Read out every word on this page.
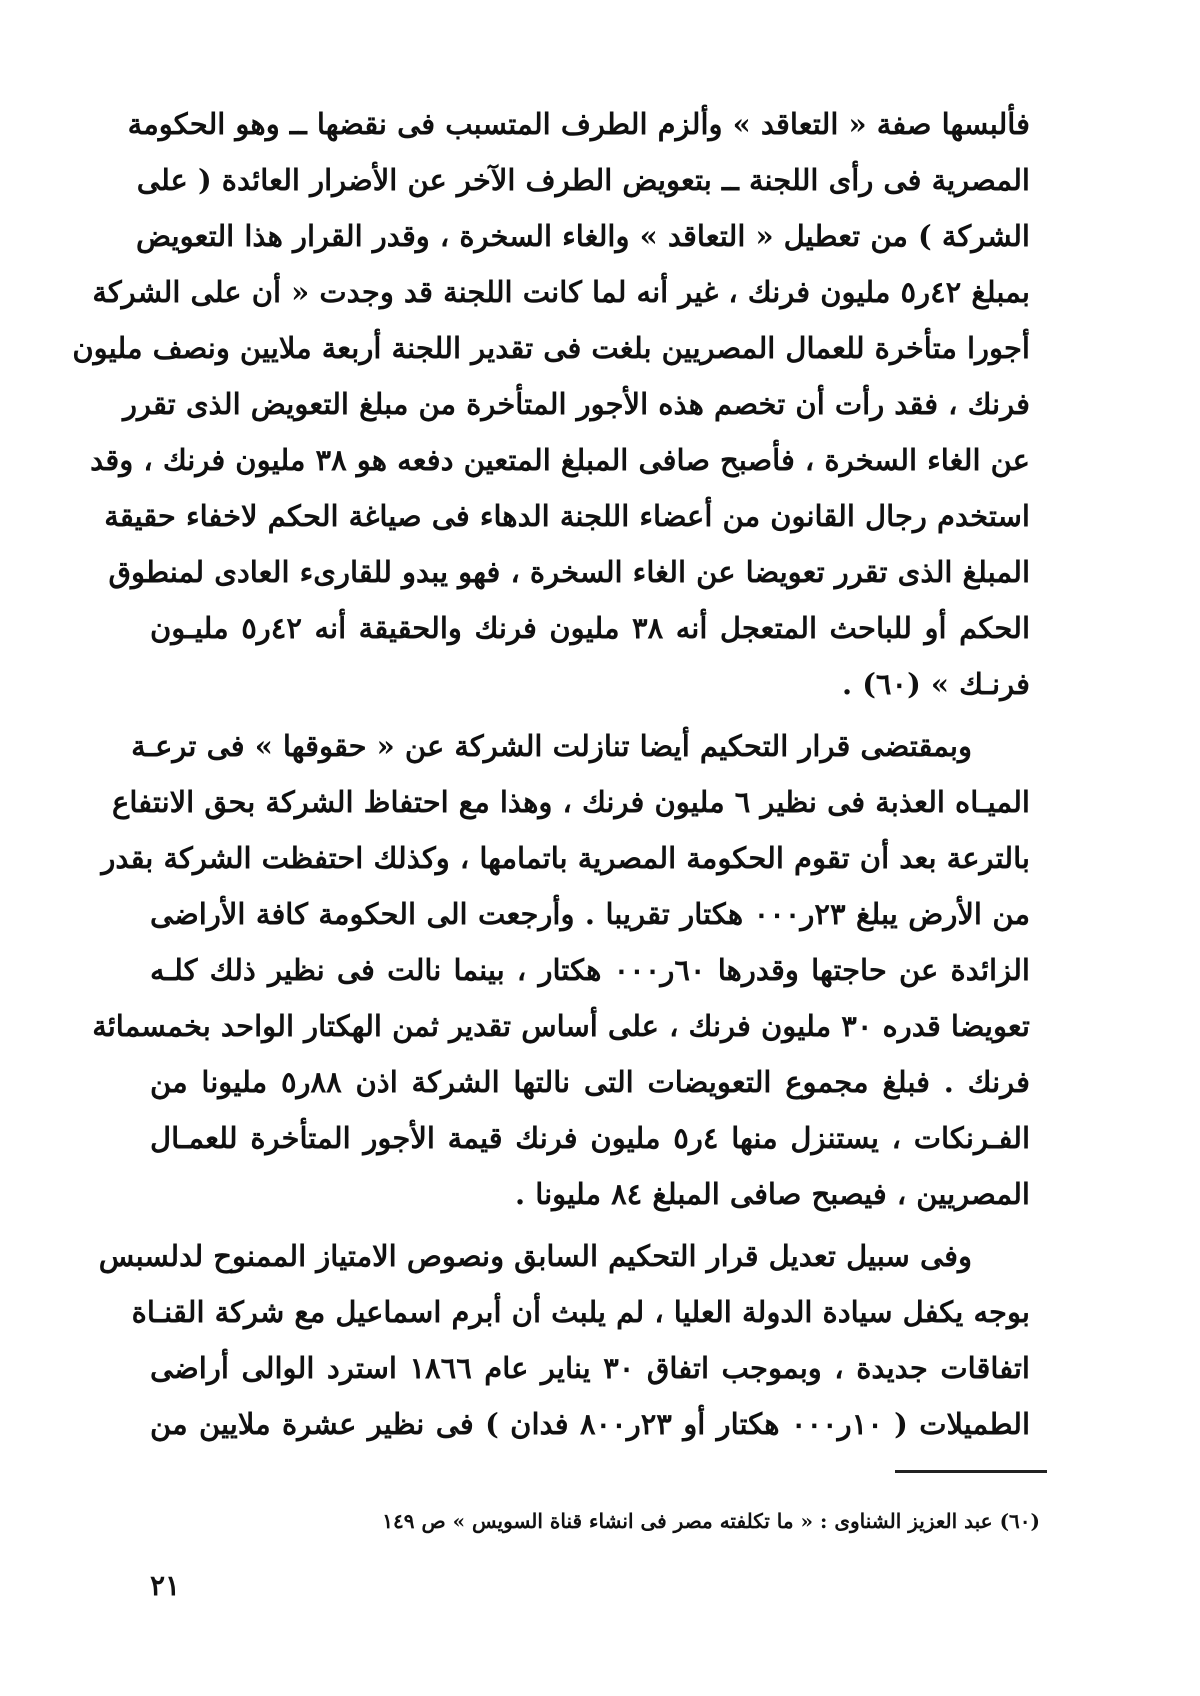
فألبسها صفة « التعاقد » وألزم الطرف المتسبب فى نقضها ــ وهو الحكومة
المصرية فى رأى اللجنة ــ بتعويض الطرف الآخر عن الأضرار العائدة ( على
الشركة ) من تعطيل « التعاقد » والغاء السخرة ، وقدر القرار هذا التعويض
بمبلغ ٤٢ر٥ مليون فرنك ، غير أنه لما كانت اللجنة قد وجدت « أن على الشركة
أجورا متأخرة للعمال المصريين بلغت فى تقدير اللجنة أربعة ملايين ونصف مليون
فرنك ، فقد رأت أن تخصم هذه الأجور المتأخرة من مبلغ التعويض الذى تقرر
عن الغاء السخرة ، فأصبح صافى المبلغ المتعين دفعه هو ٣٨ مليون فرنك ، وقد
استخدم رجال القانون من أعضاء اللجنة الدهاء فى صياغة الحكم لاخفاء حقيقة
المبلغ الذى تقرر تعويضا عن الغاء السخرة ، فهو يبدو للقارىء العادى لمنطوق
الحكم أو للباحث المتعجل أنه ٣٨ مليون فرنك والحقيقة أنه ٤٢ر٥ مليـون
فرنـك » (٦٠) .

وبمقتضى قرار التحكيم أيضا تنازلت الشركة عن « حقوقها » فى ترعـة
الميـاه العذبة فى نظير ٦ مليون فرنك ، وهذا مع احتفاظ الشركة بحق الانتفاع
بالترعة بعد أن تقوم الحكومة المصرية باتمامها ، وكذلك احتفظت الشركة بقدر
من الأرض يبلغ ٢٣ر٠٠٠ هكتار تقريبا . وأرجعت الى الحكومة كافة الأراضى
الزائدة عن حاجتها وقدرها ٦٠ر٠٠٠ هكتار ، بينما نالت فى نظير ذلك كلـه
تعويضا قدره ٣٠ مليون فرنك ، على أساس تقدير ثمن الهكتار الواحد بخمسمائة
فرنك . فبلغ مجموع التعويضات التى نالتها الشركة اذن ٨٨ر٥ مليونا من
الفـرنكات ، يستنزل منها ٤ر٥ مليون فرنك قيمة الأجور المتأخرة للعمـال
المصريين ، فيصبح صافى المبلغ ٨٤ مليونا .

وفى سبيل تعديل قرار التحكيم السابق ونصوص الامتياز الممنوح لدلسبس
بوجه يكفل سيادة الدولة العليا ، لم يلبث أن أبرم اسماعيل مع شركة القنـاة
اتفاقات جديدة ، وبموجب اتفاق ٣٠ يناير عام ١٨٦٦ استرد الوالى أراضى
الطميلات ( ١٠ر٠٠٠ هكتار أو ٢٣ر٨٠٠ فدان ) فى نظير عشرة ملايين من

(٦٠) عبد العزيز الشناوى : « ما تكلفته مصر فى انشاء قناة السويس » ص ١٤٩
٢١
